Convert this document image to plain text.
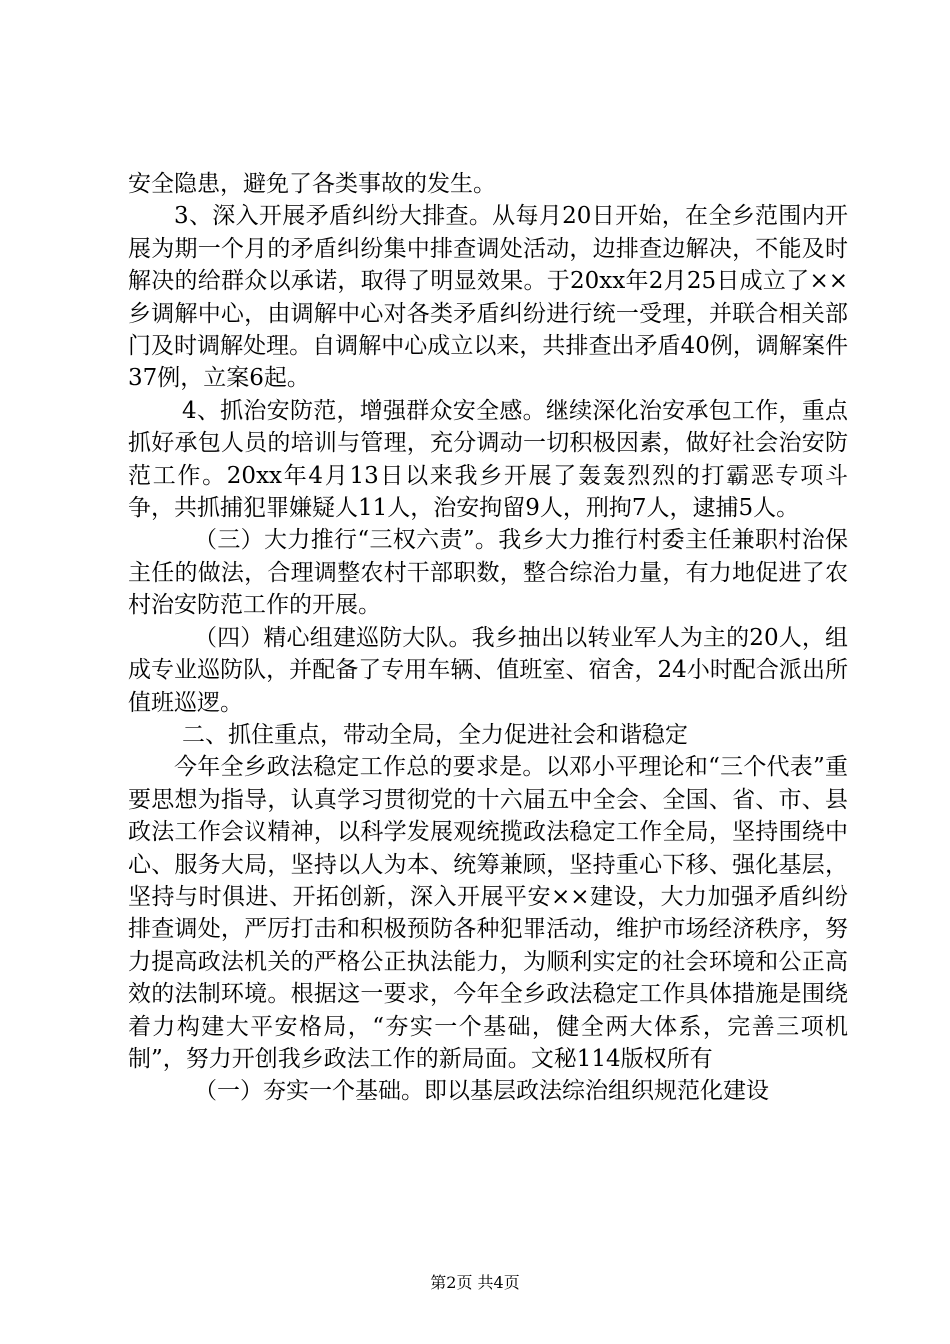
安全隐患，避免了各类事故的发生。

3、深入开展矛盾纠纷大排查。从每月20日开始，在全乡范围内开展为期一个月的矛盾纠纷集中排查调处活动，边排查边解决，不能及时解决的给群众以承诺，取得了明显效果。于20xx年2月25日成立了××乡调解中心，由调解中心对各类矛盾纠纷进行统一受理，并联合相关部门及时调解处理。自调解中心成立以来，共排查出矛盾40例，调解案件37例，立案6起。

4、抓治安防范，增强群众安全感。继续深化治安承包工作，重点抓好承包人员的培训与管理，充分调动一切积极因素，做好社会治安防范工作。20xx年4月13日以来我乡开展了轰轰烈烈的打霸恶专项斗争，共抓捕犯罪嫌疑人11人，治安拘留9人，刑拘7人，逮捕5人。

（三）大力推行“三权六责”。我乡大力推行村委主任兼职村治保主任的做法，合理调整农村干部职数，整合综治力量，有力地促进了农村治安防范工作的开展。

（四）精心组建巡防大队。我乡抽出以转业军人为主的20人，组成专业巡防队，并配备了专用车辆、值班室、宿舍，24小时配合派出所值班巡逻。

二、抓住重点，带动全局，全力促进社会和谐稳定

今年全乡政法稳定工作总的要求是。以邓小平理论和“三个代表”重要思想为指导，认真学习贯彻党的十六届五中全会、全国、省、市、县政法工作会议精神，以科学发展观统揽政法稳定工作全局，坚持围绕中心、服务大局，坚持以人为本、统筹兼顾，坚持重心下移、强化基层，坚持与时俱进、开拓创新，深入开展平安××建设，大力加强矛盾纠纷排查调处，严厉打击和积极预防各种犯罪活动，维护市场经济秩序，努力提高政法机关的严格公正执法能力，为顺利实定的社会环境和公正高效的法制环境。根据这一要求，今年全乡政法稳定工作具体措施是围绕着力构建大平安格局，“夯实一个基础，健全两大体系，完善三项机制”，努力开创我乡政法工作的新局面。文秘114版权所有

（一）夯实一个基础。即以基层政法综治组织规范化建设

第2页 共4页
